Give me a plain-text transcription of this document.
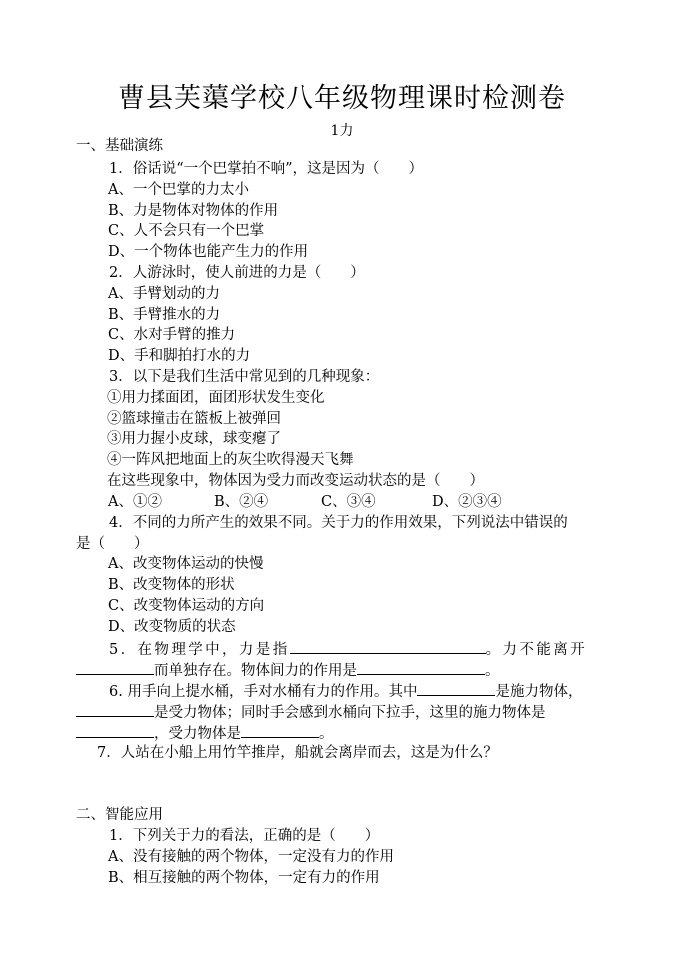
曹县芙蕖学校八年级物理课时检测卷
1力
一、基础演练
1．俗话说“一个巴掌拍不响”，这是因为（　　）
A、一个巴掌的力太小
B、力是物体对物体的作用
C、人不会只有一个巴掌
D、一个物体也能产生力的作用
2．人游泳时，使人前进的力是（　　）
A、手臂划动的力
B、手臂推水的力
C、水对手臂的推力
D、手和脚拍打水的力
3．以下是我们生活中常见到的几种现象：
①用力揉面团，面团形状发生变化
②篮球撞击在篮板上被弹回
③用力握小皮球，球变瘪了
④一阵风把地面上的灰尘吹得漫天飞舞
在这些现象中，物体因为受力而改变运动状态的是（　　）
A、①②	B、②④	C、③④	D、②③④
4．不同的力所产生的效果不同。关于力的作用效果，下列说法中错误的
是（　　）
A、改变物体运动的快慢
B、改变物体的形状
C、改变物体运动的方向
D、改变物质的状态
5．在物理学中，力是指	。力不能离开
而单独存在。物体间力的作用是	。
6. 用手向上提水桶，手对水桶有力的作用。其中	是施力物体，
是受力物体；同时手会感到水桶向下拉手，这里的施力物体是
，受力物体是	。
7．人站在小船上用竹竿推岸，船就会离岸而去，这是为什么？
二、智能应用
1．下列关于力的看法，正确的是（　　）
A、没有接触的两个物体，一定没有力的作用
B、相互接触的两个物体，一定有力的作用
